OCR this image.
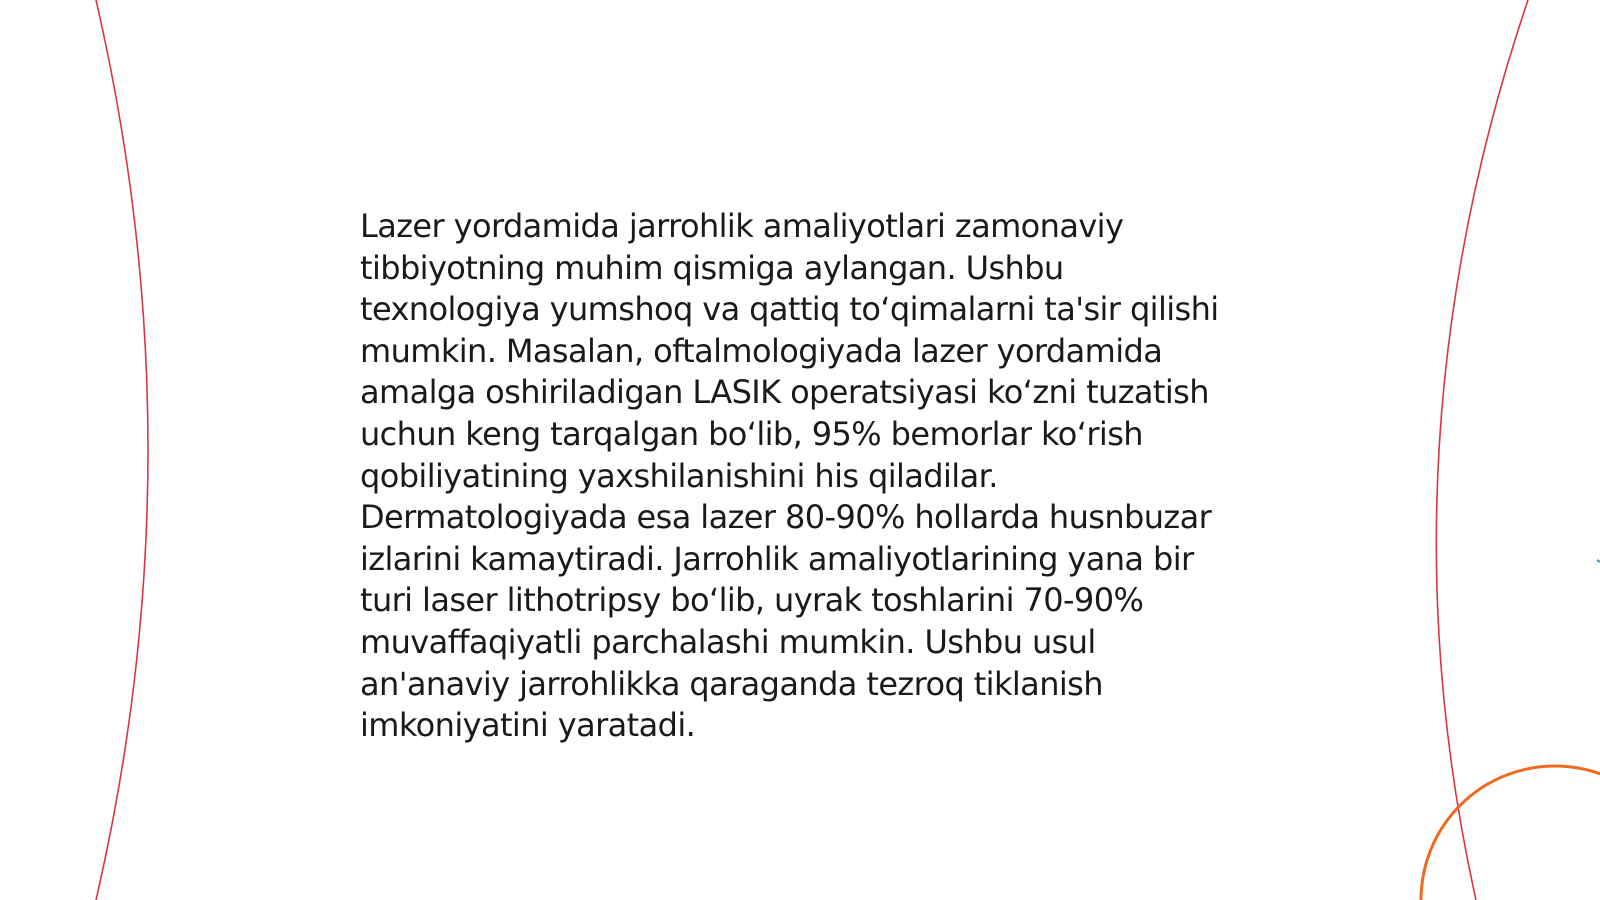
Lazer yordamida jarrohlik amaliyotlari zamonaviy tibbiyotning muhim qismiga aylangan. Ushbu texnologiya yumshoq va qattiq to‘qimalarni ta'sir qilishi mumkin. Masalan, oftalmologiyada lazer yordamida amalga oshiriladigan LASIK operatsiyasi ko‘zni tuzatish uchun keng tarqalgan bo‘lib, 95% bemorlar ko‘rish qobiliyatining yaxshilanishini his qiladilar. Dermatologiyada esa lazer 80-90% hollarda husnbuzar izlarini kamaytiradi. Jarrohlik amaliyotlarining yana bir turi laser lithotripsy bo‘lib, uyrak toshlarini 70-90% muvaffaqiyatli parchalashi mumkin. Ushbu usul an'anaviy jarrohlikka qaraganda tezroq tiklanish imkoniyatini yaratadi.
